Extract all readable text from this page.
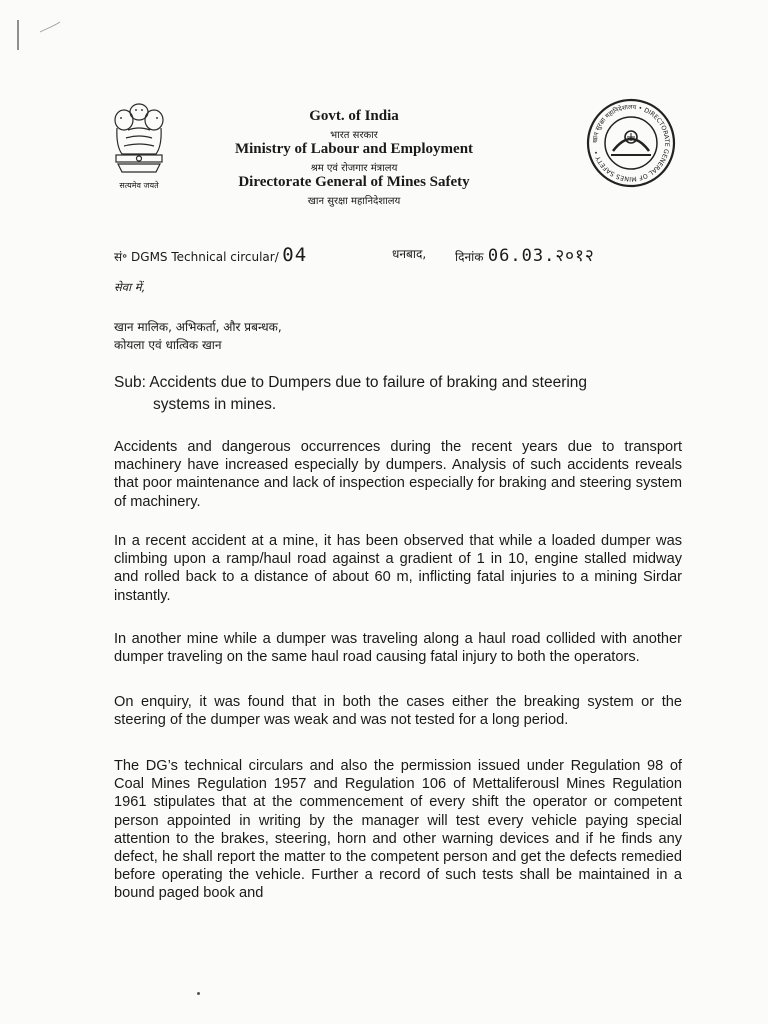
सत्यमेव जयते
खान सुरक्षा महानिदेशालय • DIRECTORATE GENERAL OF MINES SAFETY •
Govt. of India
भारत सरकार
Ministry of Labour and Employment
श्रम एवं रोजगार मंत्रालय
Directorate General of Mines Safety
खान सुरक्षा महानिदेशालय
सं॰ DGMS Technical circular/ 04	धनबाद, दिनांक 06.03.२०१२
सेवा में,
खान मालिक, अभिकर्ता, और प्रबन्धक,
कोयला एवं धात्विक खान
Sub: Accidents due to Dumpers due to failure of braking and steering
systems in mines.

Accidents and dangerous occurrences during the recent years due to transport machinery have increased especially by dumpers. Analysis of such accidents reveals that poor maintenance and lack of inspection especially for braking and steering system of machinery.

In a recent accident at a mine, it has been observed that while a loaded dumper was climbing upon a ramp/haul road against a gradient of 1 in 10, engine stalled midway and rolled back to a distance of about 60 m, inflicting fatal injuries to a mining Sirdar instantly.

In another mine while a dumper was traveling along a haul road collided with another dumper traveling on the same haul road causing fatal injury to both the operators.

On enquiry, it was found that in both the cases either the breaking system or the steering of the dumper was weak and was not tested for a long period.

The DG’s technical circulars and also the permission issued under Regulation 98 of Coal Mines Regulation 1957 and Regulation 106 of Mettaliferousl Mines Regulation 1961 stipulates that at the commencement of every shift the operator or competent person appointed in writing by the manager will test every vehicle paying special attention to the brakes, steering, horn and other warning devices and if he finds any defect, he shall report the matter to the competent person and get the defects remedied before operating the vehicle. Further a record of such tests shall be maintained in a bound paged book and
